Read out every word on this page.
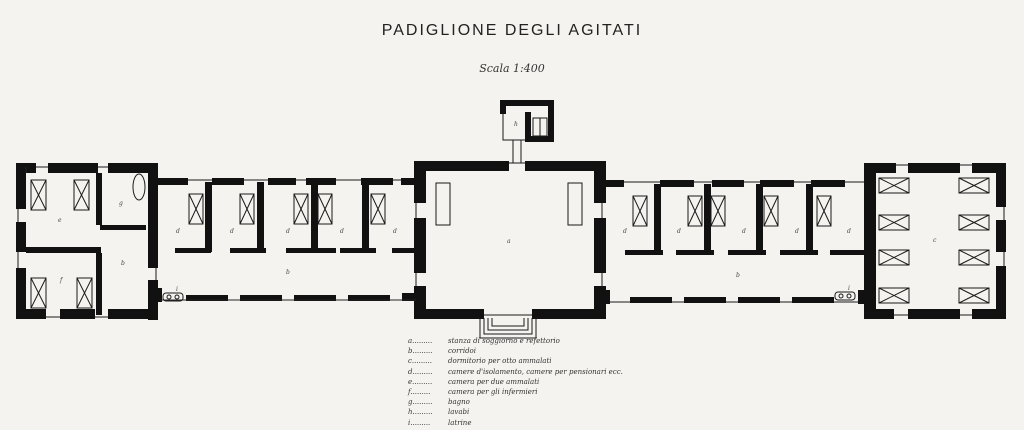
PADIGLIONE DEGLI AGITATI
Scala 1:400
e
f
g
b
d	d	d	d	d
b
i
a
h
d	d	d	d	d
b
i
c
a......... stanza di soggiorno e refettorio
b......... corridoi
c......... dormitorio per otto ammalati
d......... camere d'isolamento, camere per pensionari ecc.
e......... camera per due ammalati
f.........	camera per gli infermieri
g......... bagno
h......... lavabi
i.........	latrine
